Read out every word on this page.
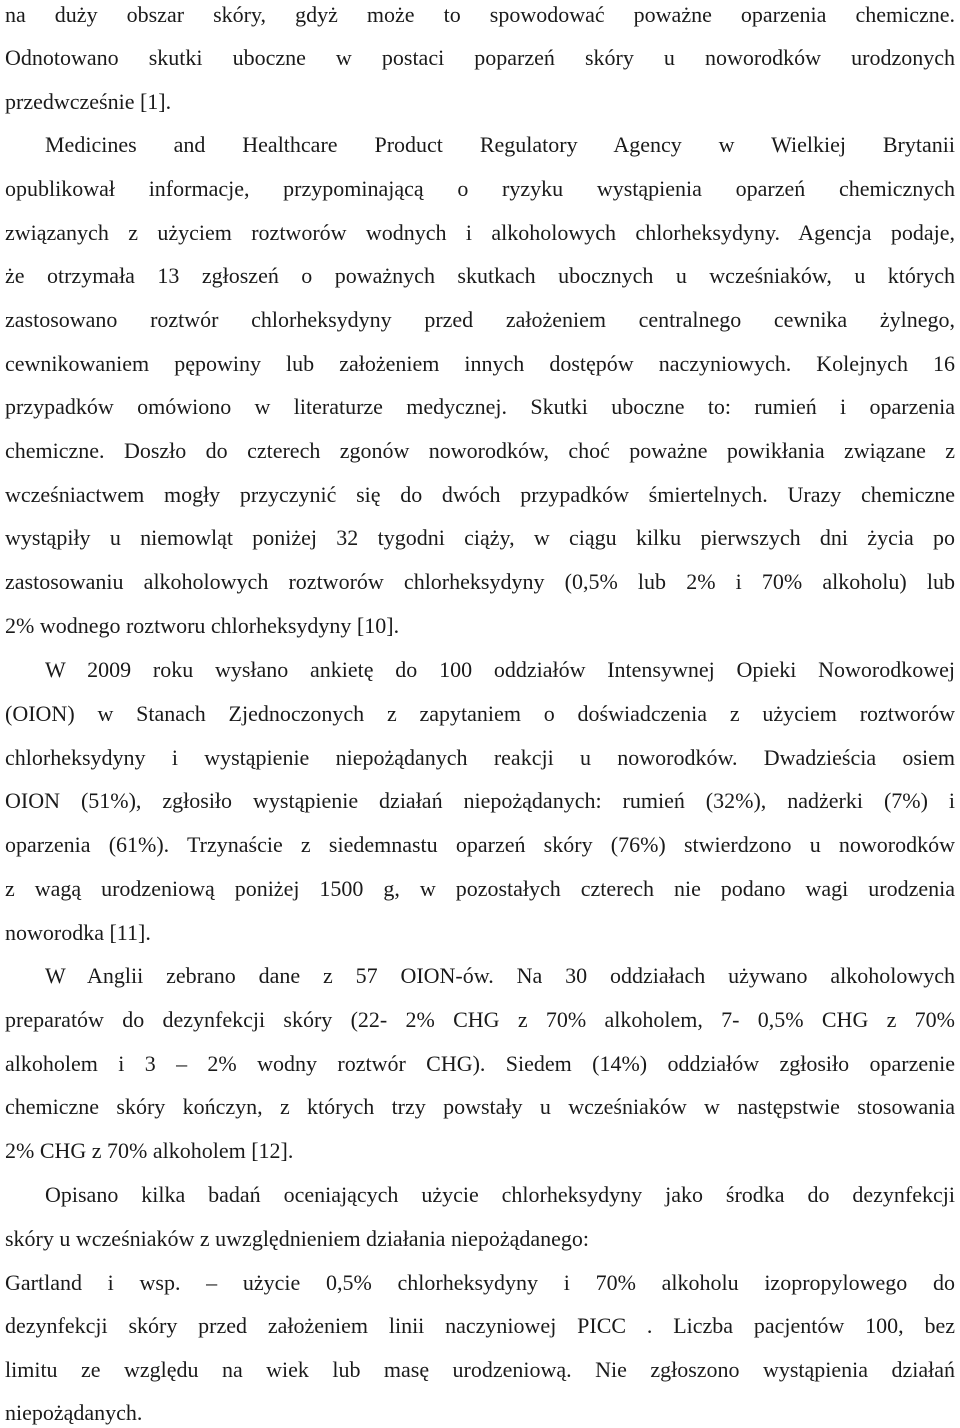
na duży obszar skóry, gdyż może to spowodować poważne oparzenia chemiczne.
Odnotowano skutki uboczne w postaci poparzeń skóry u noworodków urodzonych
przedwcześnie [1].
Medicines and Healthcare Product Regulatory Agency w Wielkiej Brytanii
opublikował informacje, przypominającą o ryzyku wystąpienia oparzeń chemicznych
związanych z użyciem roztworów wodnych i alkoholowych chlorheksydyny. Agencja podaje,
że otrzymała 13 zgłoszeń o poważnych skutkach ubocznych u wcześniaków, u których
zastosowano roztwór chlorheksydyny przed założeniem centralnego cewnika żylnego,
cewnikowaniem pępowiny lub założeniem innych dostępów naczyniowych. Kolejnych 16
przypadków omówiono w literaturze medycznej. Skutki uboczne to: rumień i oparzenia
chemiczne. Doszło do czterech zgonów noworodków, choć poważne powikłania związane z
wcześniactwem mogły przyczynić się do dwóch przypadków śmiertelnych. Urazy chemiczne
wystąpiły u niemowląt poniżej 32 tygodni ciąży, w ciągu kilku pierwszych dni życia po
zastosowaniu alkoholowych roztworów chlorheksydyny (0,5% lub 2% i 70% alkoholu) lub
2% wodnego roztworu chlorheksydyny [10].
W 2009 roku wysłano ankietę do 100 oddziałów Intensywnej Opieki Noworodkowej
(OION) w Stanach Zjednoczonych z zapytaniem o doświadczenia z użyciem roztworów
chlorheksydyny i wystąpienie niepożądanych reakcji u noworodków. Dwadzieścia osiem
OION (51%), zgłosiło wystąpienie działań niepożądanych: rumień (32%), nadżerki (7%) i
oparzenia (61%). Trzynaście z siedemnastu oparzeń skóry (76%) stwierdzono u noworodków
z wagą urodzeniową poniżej 1500 g, w pozostałych czterech nie podano wagi urodzenia
noworodka [11].
W Anglii zebrano dane z 57 OION-ów. Na 30 oddziałach używano alkoholowych
preparatów do dezynfekcji skóry (22- 2% CHG z 70% alkoholem, 7- 0,5% CHG z 70%
alkoholem i 3 – 2% wodny roztwór CHG). Siedem (14%) oddziałów zgłosiło oparzenie
chemiczne skóry kończyn, z których trzy powstały u wcześniaków w następstwie stosowania
2% CHG z 70% alkoholem [12].
Opisano kilka badań oceniających użycie chlorheksydyny jako środka do dezynfekcji
skóry u wcześniaków z uwzględnieniem działania niepożądanego:
Gartland i wsp. – użycie 0,5% chlorheksydyny i 70% alkoholu izopropylowego do
dezynfekcji skóry przed założeniem linii naczyniowej PICC . Liczba pacjentów 100, bez
limitu ze względu na wiek lub masę urodzeniową. Nie zgłoszono wystąpienia działań
niepożądanych.
